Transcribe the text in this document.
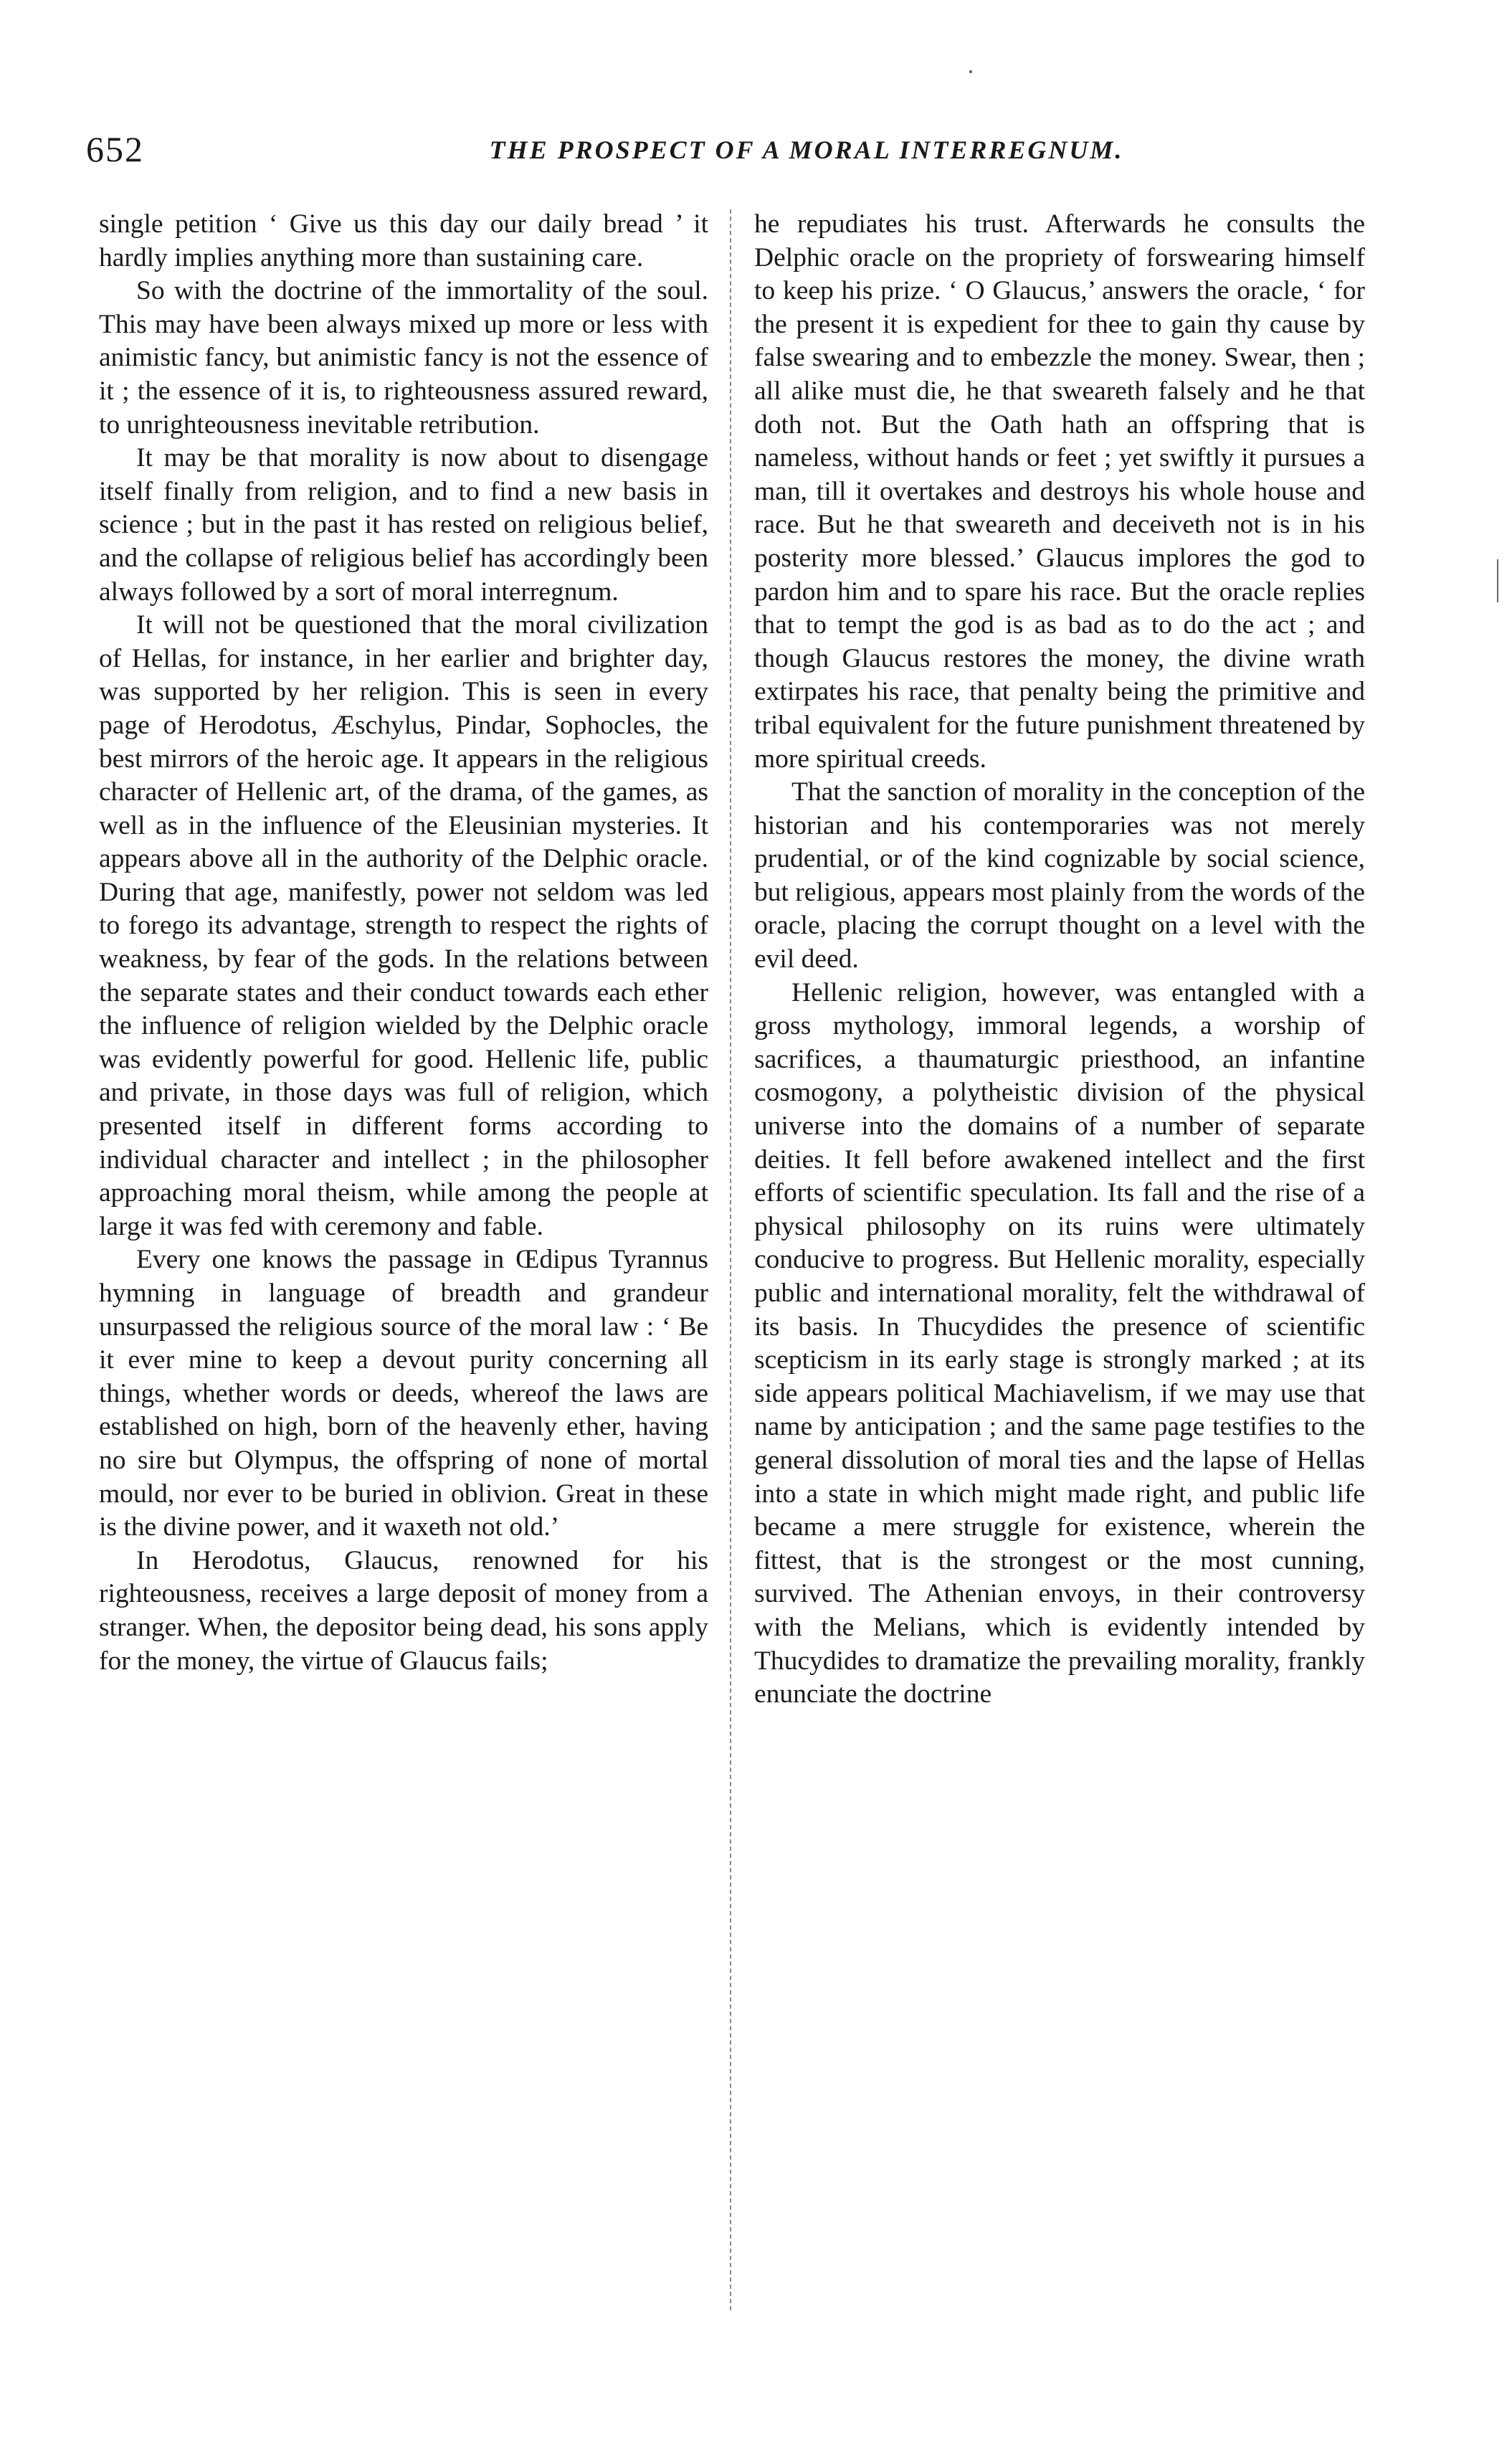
652	THE PROSPECT OF A MORAL INTERREGNUM.

single petition ‘ Give us this day our daily bread ’ it hardly implies anything more than sustaining care.

So with the doctrine of the immortality of the soul. This may have been always mixed up more or less with animistic fancy, but animistic fancy is not the essence of it ; the essence of it is, to righteousness assured reward, to unrighteousness inevitable retribution.

It may be that morality is now about to disengage itself finally from religion, and to find a new basis in science ; but in the past it has rested on religious belief, and the collapse of religious belief has accordingly been always followed by a sort of moral interregnum.

It will not be questioned that the moral civilization of Hellas, for instance, in her earlier and brighter day, was supported by her religion. This is seen in every page of Herodotus, Æschylus, Pindar, Sophocles, the best mirrors of the heroic age. It appears in the religious character of Hellenic art, of the drama, of the games, as well as in the influence of the Eleusinian mysteries. It appears above all in the authority of the Delphic oracle. During that age, manifestly, power not seldom was led to forego its advantage, strength to respect the rights of weakness, by fear of the gods. In the relations between the separate states and their conduct towards each ether the influence of religion wielded by the Delphic oracle was evidently powerful for good. Hellenic life, public and private, in those days was full of religion, which presented itself in different forms according to individual character and intellect ; in the philosopher approaching moral theism, while among the people at large it was fed with ceremony and fable.

Every one knows the passage in Œdipus Tyrannus hymning in language of breadth and grandeur unsurpassed the religious source of the moral law : ‘ Be it ever mine to keep a devout purity concerning all things, whether words or deeds, whereof the laws are established on high, born of the heavenly ether, having no sire but Olympus, the offspring of none of mortal mould, nor ever to be buried in oblivion. Great in these is the divine power, and it waxeth not old.’

In Herodotus, Glaucus, renowned for his righteousness, receives a large deposit of money from a stranger. When, the depositor being dead, his sons apply for the money, the virtue of Glaucus fails;

he repudiates his trust. Afterwards he consults the Delphic oracle on the propriety of forswearing himself to keep his prize. ‘ O Glaucus,’ answers the oracle, ‘ for the present it is expedient for thee to gain thy cause by false swearing and to embezzle the money. Swear, then ; all alike must die, he that sweareth falsely and he that doth not. But the Oath hath an offspring that is nameless, without hands or feet ; yet swiftly it pursues a man, till it overtakes and destroys his whole house and race. But he that sweareth and deceiveth not is in his posterity more blessed.’ Glaucus implores the god to pardon him and to spare his race. But the oracle replies that to tempt the god is as bad as to do the act ; and though Glaucus restores the money, the divine wrath extirpates his race, that penalty being the primitive and tribal equivalent for the future punishment threatened by more spiritual creeds.

That the sanction of morality in the conception of the historian and his contemporaries was not merely prudential, or of the kind cognizable by social science, but religious, appears most plainly from the words of the oracle, placing the corrupt thought on a level with the evil deed.

Hellenic religion, however, was entangled with a gross mythology, immoral legends, a worship of sacrifices, a thaumaturgic priesthood, an infantine cosmogony, a polytheistic division of the physical universe into the domains of a number of separate deities. It fell before awakened intellect and the first efforts of scientific speculation. Its fall and the rise of a physical philosophy on its ruins were ultimately conducive to progress. But Hellenic morality, especially public and international morality, felt the withdrawal of its basis. In Thucydides the presence of scientific scepticism in its early stage is strongly marked ; at its side appears political Machiavelism, if we may use that name by anticipation ; and the same page testifies to the general dissolution of moral ties and the lapse of Hellas into a state in which might made right, and public life became a mere struggle for existence, wherein the fittest, that is the strongest or the most cunning, survived. The Athenian envoys, in their controversy with the Melians, which is evidently intended by Thucydides to dramatize the prevailing morality, frankly enunciate the doctrine
